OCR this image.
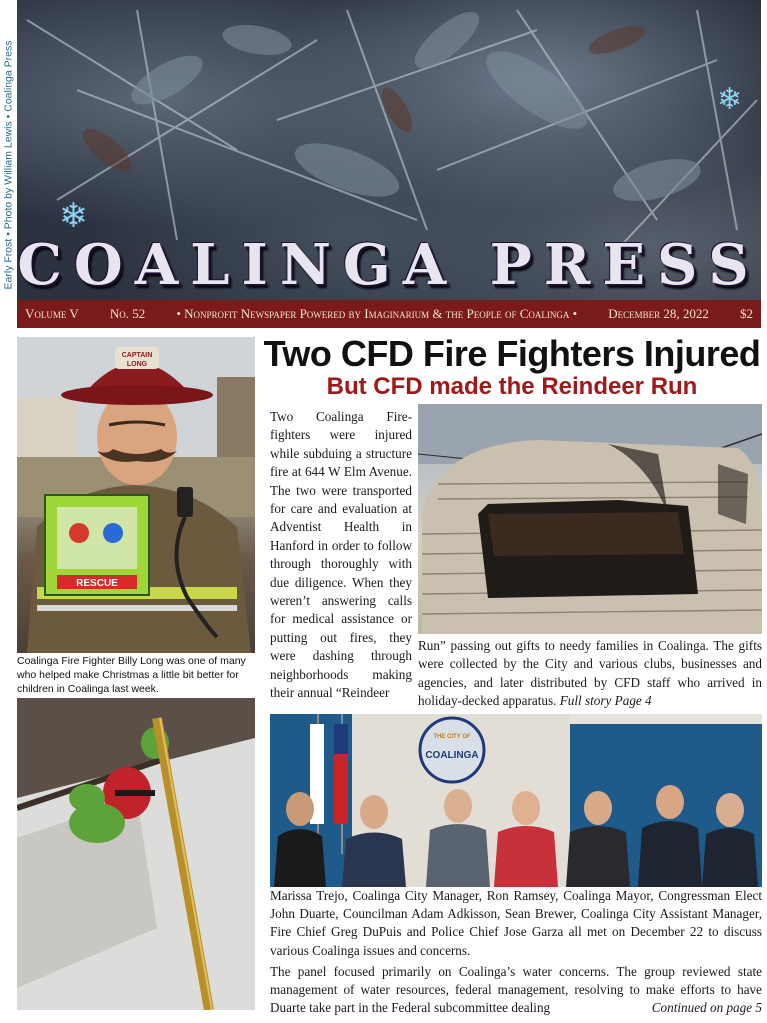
Early Frost • Photo by William Lewis • Coalinga Press ❄
❄
COALINGA PRESS
Volume V No. 52 • Nonprofit Newspaper Powered by Imaginarium & the People of Coalinga • December 28, 2022 $2
CAPTAIN
LONG
RESCUE
Coalinga Fire Fighter Billy Long was one of many who helped make Christmas a little bit better for children in Coalinga last week.
Two CFD Fire Fighters Injured
But CFD made the Reindeer Run
Two Coalinga Fire-fighters were injured while subduing a structure fire at 644 W Elm Avenue. The two were transported for care and evaluation at Adventist Health in Hanford in order to follow through thoroughly with due diligence. When they weren’t answering calls for medical assistance or putting out fires, they were dashing through neighborhoods making their annual “Reindeer
Run” passing out gifts to needy families in Coalinga. The gifts were collected by the City and various clubs, businesses and agencies, and later distributed by CFD staff who arrived in holiday-decked apparatus. Full story Page 4
THE CITY OF
COALINGA
Marissa Trejo, Coalinga City Manager, Ron Ramsey, Coalinga Mayor, Congressman Elect John Duarte, Councilman Adam Adkisson, Sean Brewer, Coalinga City Assistant Manager, Fire Chief Greg DuPuis and Police Chief Jose Garza all met on December 22 to discuss various Coalinga issues and concerns.
The panel focused primarily on Coalinga’s water concerns. The group reviewed state management of water resources, federal management, resolving to make efforts to have Duarte take part in the Federal subcommittee dealing	Continued on page 5
